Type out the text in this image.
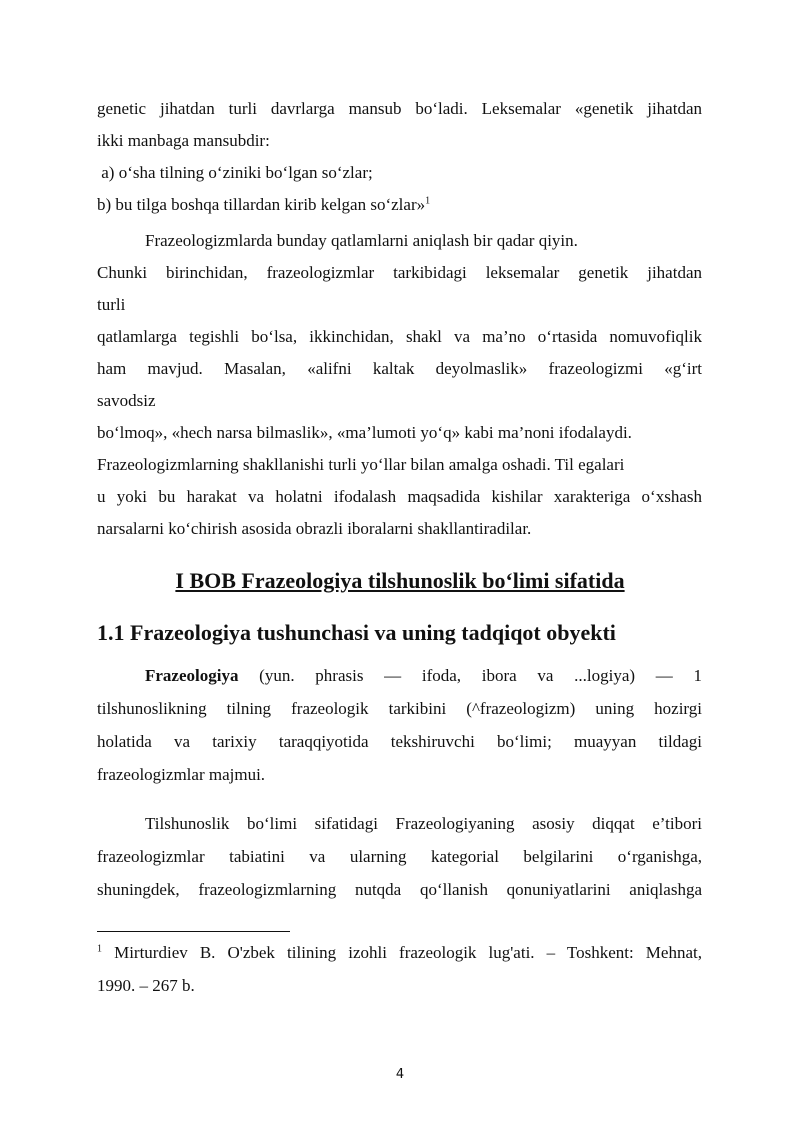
genetic jihatdan turli davrlarga mansub bo‘ladi. Leksemalar «genetik jihatdan
ikki manbaga mansubdir:
a) o‘sha tilning o‘ziniki bo‘lgan so‘zlar;
b) bu tilga boshqa tillardan kirib kelgan so‘zlar»$^1$
Frazeologizmlarda bunday qatlamlarni aniqlash bir qadar qiyin.
Chunki birinchidan, frazeologizmlar tarkibidagi leksemalar genetik jihatdan
turli
qatlamlarga tegishli bo‘lsa, ikkinchidan, shakl va ma’no o‘rtasida nomuvofiqlik
ham mavjud. Masalan, «alifni kaltak deyolmaslik» frazeologizmi «g‘irt
savodsiz
bo‘lmoq», «hech narsa bilmaslik», «ma’lumoti yo‘q» kabi ma’noni ifodalaydi.
Frazeologizmlarning shakllanishi turli yo‘llar bilan amalga oshadi. Til egalari
u yoki bu harakat va holatni ifodalash maqsadida kishilar xarakteriga o‘xshash
narsalarni ko‘chirish asosida obrazli iboralarni shakllantiradilar.
I BOB Frazeologiya tilshunoslik bo‘limi sifatida
1.1 Frazeologiya tushunchasi va uning tadqiqot obyekti
Frazeologiya (yun. phrasis — ifoda, ibora va ...logiya) — 1
tilshunoslikning tilning frazeologik tarkibini (^frazeologizm) uning hozirgi
holatida va tarixiy taraqqiyotida tekshiruvchi bo‘limi; muayyan tildagi
frazeologizmlar majmui.
Tilshunoslik bo‘limi sifatidagi Frazeologiyaning asosiy diqqat e’tibori
frazeologizmlar tabiatini va ularning kategorial belgilarini o‘rganishga,
shuningdek, frazeologizmlarning nutqda qo‘llanish qonuniyatlarini aniqlashga
$^1$ Mirturdiev B. O'zbek tilining izohli frazeologik lug'ati. – Toshkent: Mehnat,
1990. – 267 b.
4
